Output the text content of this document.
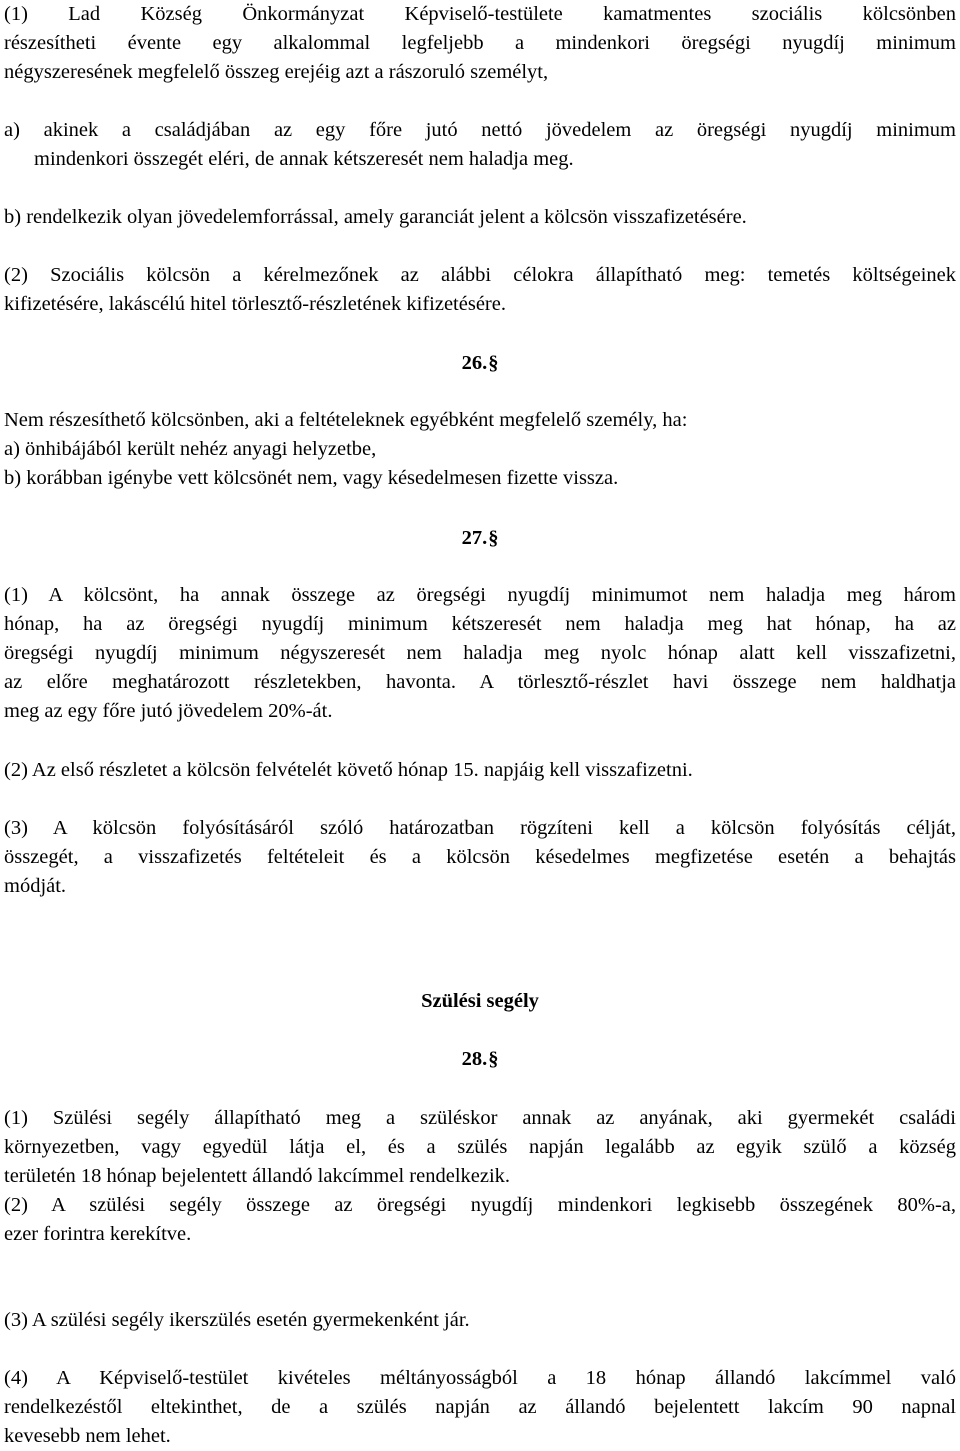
(1) Lad Község Önkormányzat Képviselő-testülete kamatmentes szociális kölcsönben
részesítheti évente egy alkalommal legfeljebb a mindenkori öregségi nyugdíj minimum
négyszeresének megfelelő összeg erejéig azt a rászoruló személyt,
a) akinek a családjában az egy főre jutó nettó jövedelem az öregségi nyugdíj minimum
mindenkori összegét eléri, de annak kétszeresét nem haladja meg.
b) rendelkezik olyan jövedelemforrással, amely garanciát jelent a kölcsön visszafizetésére.
(2) Szociális kölcsön a kérelmezőnek az alábbi célokra állapítható meg: temetés költségeinek
kifizetésére, lakáscélú hitel törlesztő-részletének kifizetésére.
26.§
Nem részesíthető kölcsönben, aki a feltételeknek egyébként megfelelő személy, ha:
a) önhibájából került nehéz anyagi helyzetbe,
b) korábban igénybe vett kölcsönét nem, vagy késedelmesen fizette vissza.
27.§
(1) A kölcsönt, ha annak összege az öregségi nyugdíj minimumot nem haladja meg három
hónap, ha az öregségi nyugdíj minimum kétszeresét nem haladja meg hat hónap, ha az
öregségi nyugdíj minimum négyszeresét nem haladja meg nyolc hónap alatt kell visszafizetni,
az előre meghatározott részletekben, havonta. A törlesztő-részlet havi összege nem haldhatja
meg az egy főre jutó jövedelem 20%-át.
(2) Az első részletet a kölcsön felvételét követő hónap 15. napjáig kell visszafizetni.
(3) A kölcsön folyósításáról szóló határozatban rögzíteni kell a kölcsön folyósítás célját,
összegét, a visszafizetés feltételeit és a kölcsön késedelmes megfizetése esetén a behajtás
módját.
Szülési segély
28.§
(1) Szülési segély állapítható meg a szüléskor annak az anyának, aki gyermekét családi
környezetben, vagy egyedül látja el, és a szülés napján legalább az egyik szülő a község
területén 18 hónap bejelentett állandó lakcímmel rendelkezik.
(2) A szülési segély összege az öregségi nyugdíj mindenkori legkisebb összegének 80%-a,
ezer forintra kerekítve.
(3) A szülési segély ikerszülés esetén gyermekenként jár.
(4) A Képviselő-testület kivételes méltányosságból a 18 hónap állandó lakcímmel való
rendelkezéstől eltekinthet, de a szülés napján az állandó bejelentett lakcím 90 napnal
kevesebb nem lehet.
